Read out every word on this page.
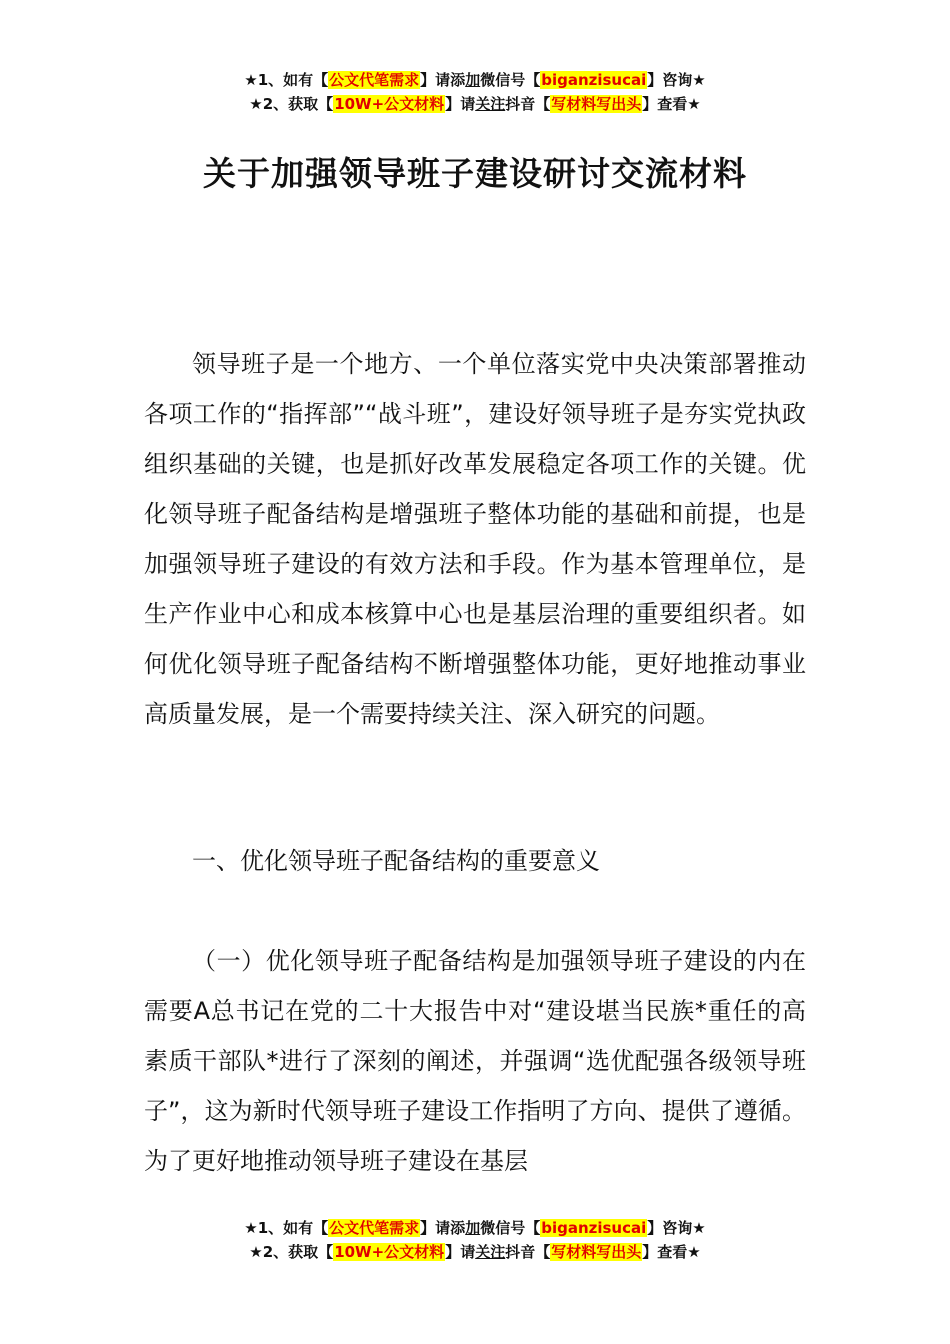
★1、如有【公文代笔需求】请添加微信号【biganzisucai】咨询★
★2、获取【10W+公文材料】请关注抖音【写材料写出头】查看★
关于加强领导班子建设研讨交流材料
领导班子是一个地方、一个单位落实党中央决策部署推动各项工作的“指挥部”“战斗班”，建设好领导班子是夯实党执政组织基础的关键，也是抓好改革发展稳定各项工作的关键。优化领导班子配备结构是增强班子整体功能的基础和前提，也是加强领导班子建设的有效方法和手段。作为基本管理单位，是生产作业中心和成本核算中心也是基层治理的重要组织者。如何优化领导班子配备结构不断增强整体功能，更好地推动事业高质量发展，是一个需要持续关注、深入研究的问题。
一、优化领导班子配备结构的重要意义
（一）优化领导班子配备结构是加强领导班子建设的内在需要A总书记在党的二十大报告中对“建设堪当民族*重任的高素质干部队*进行了深刻的阐述，并强调“选优配强各级领导班子”，这为新时代领导班子建设工作指明了方向、提供了遵循。为了更好地推动领导班子建设在基层
★1、如有【公文代笔需求】请添加微信号【biganzisucai】咨询★
★2、获取【10W+公文材料】请关注抖音【写材料写出头】查看★
